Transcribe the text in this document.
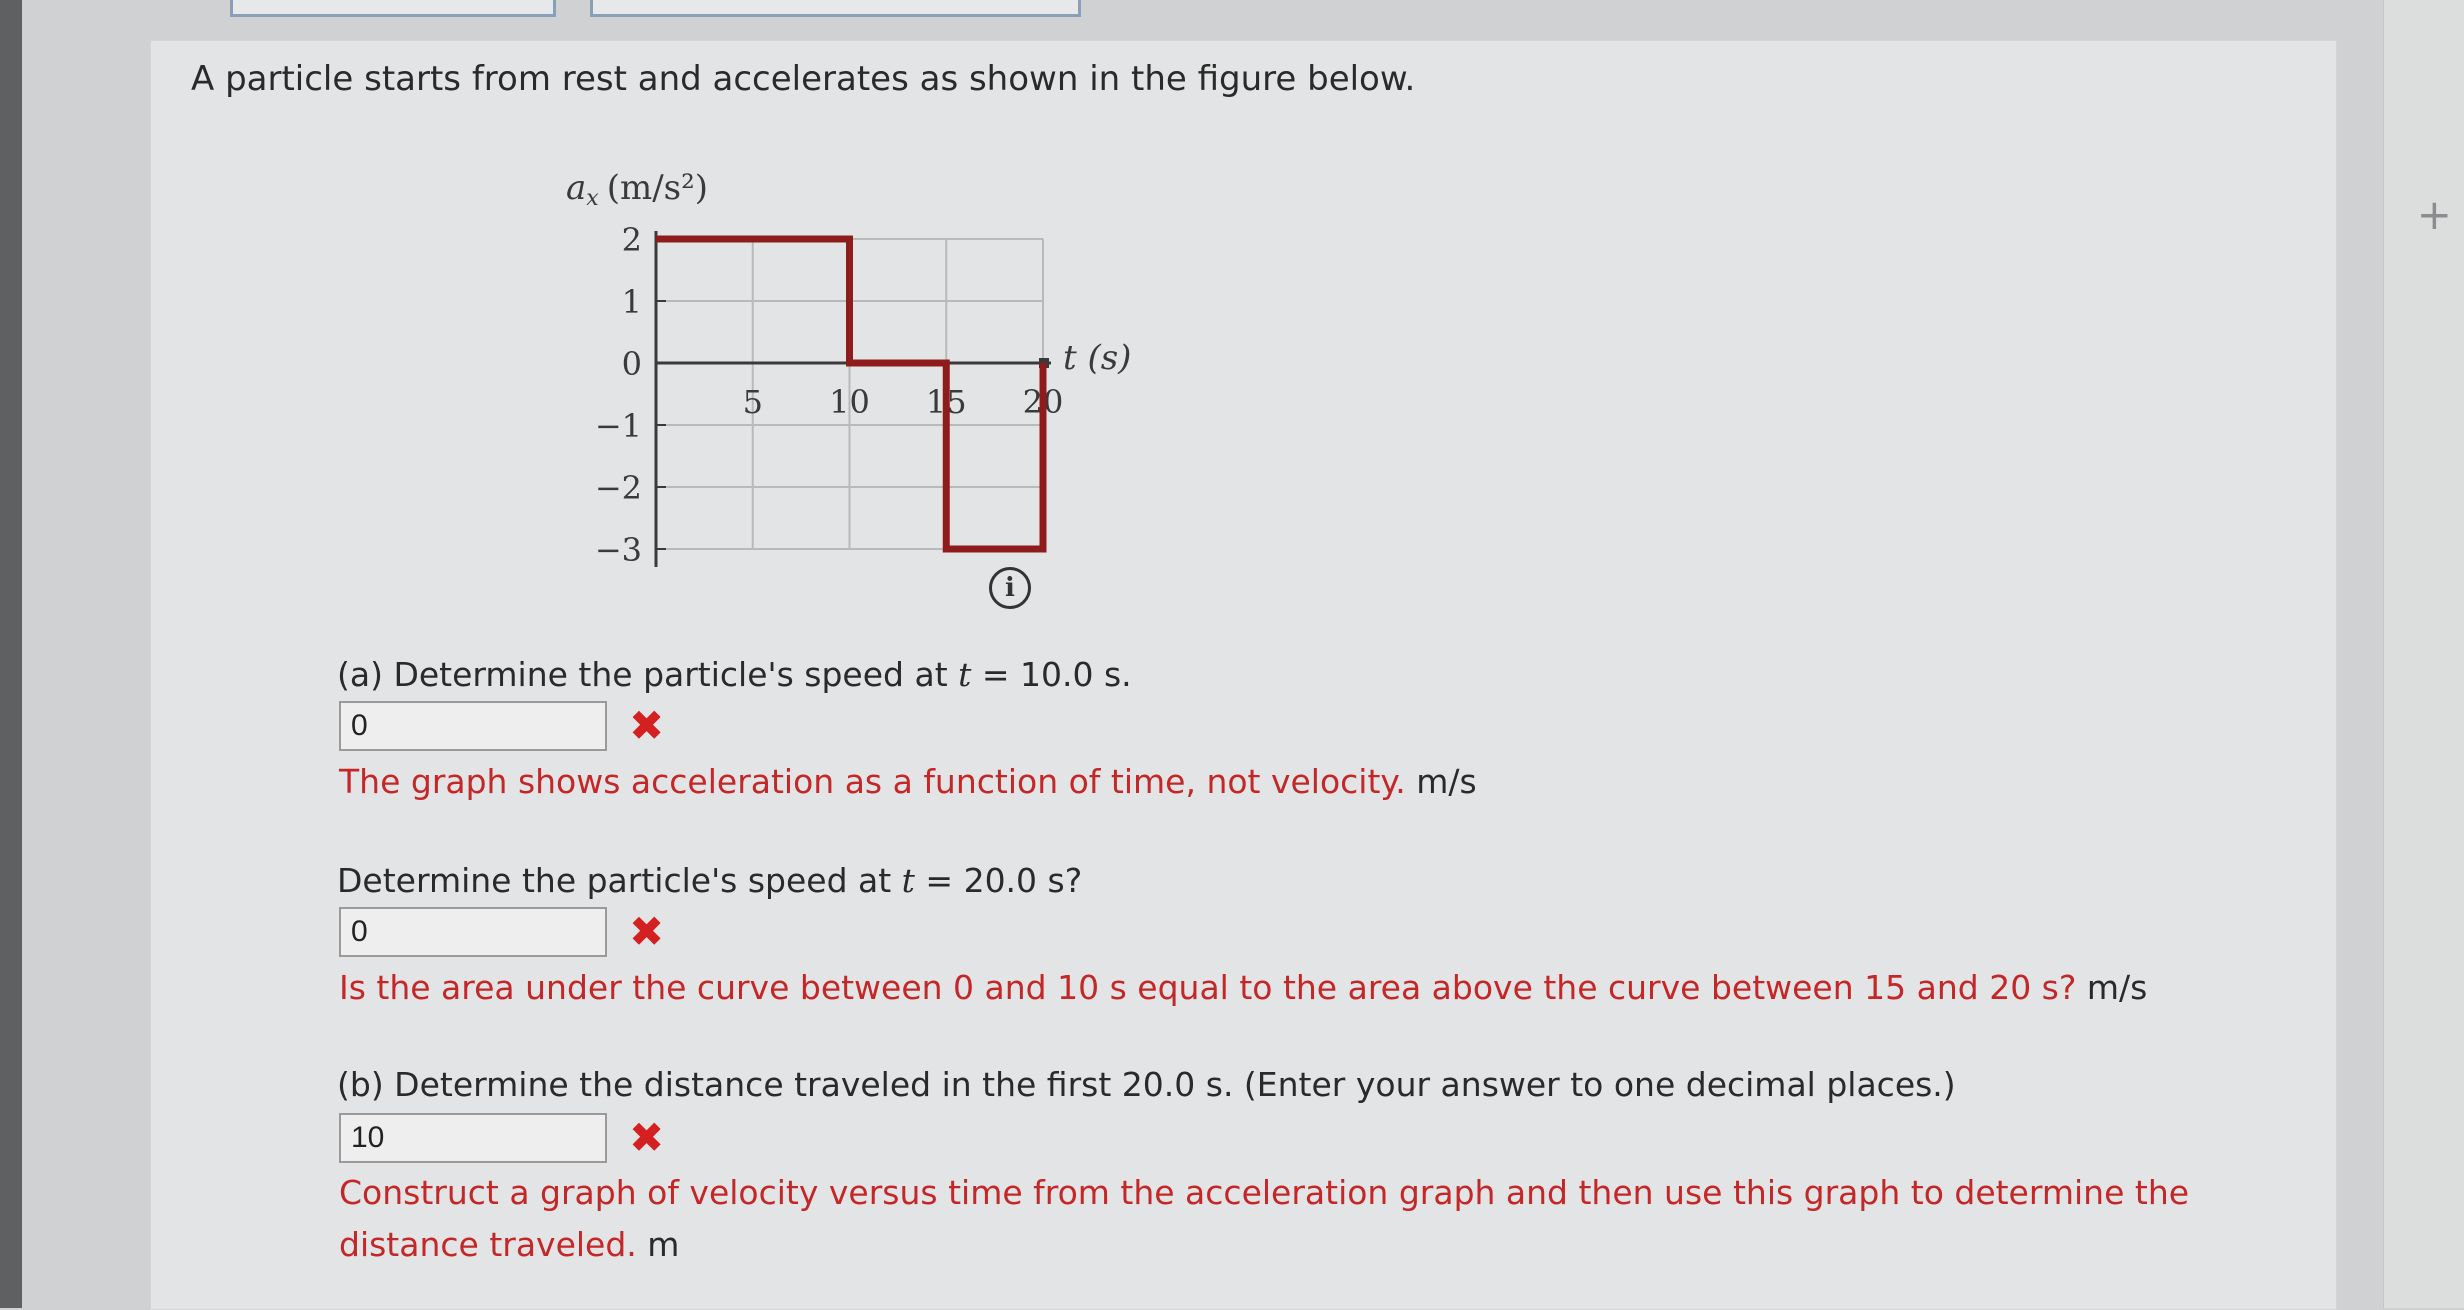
+
A particle starts from rest and accelerates as shown in the figure below.
2
1
0
−1
−2
−3
5 10 15 20
ax (m/s²)
t (s)
i
(a) Determine the particle's speed at t = 10.0 s.
0	✖
The graph shows acceleration as a function of time, not velocity. m/s
Determine the particle's speed at t = 20.0 s?
0	✖
Is the area under the curve between 0 and 10 s equal to the area above the curve between 15 and 20 s? m/s
(b) Determine the distance traveled in the first 20.0 s. (Enter your answer to one decimal places.)
10	✖
Construct a graph of velocity versus time from the acceleration graph and then use this graph to determine the
distance traveled. m
